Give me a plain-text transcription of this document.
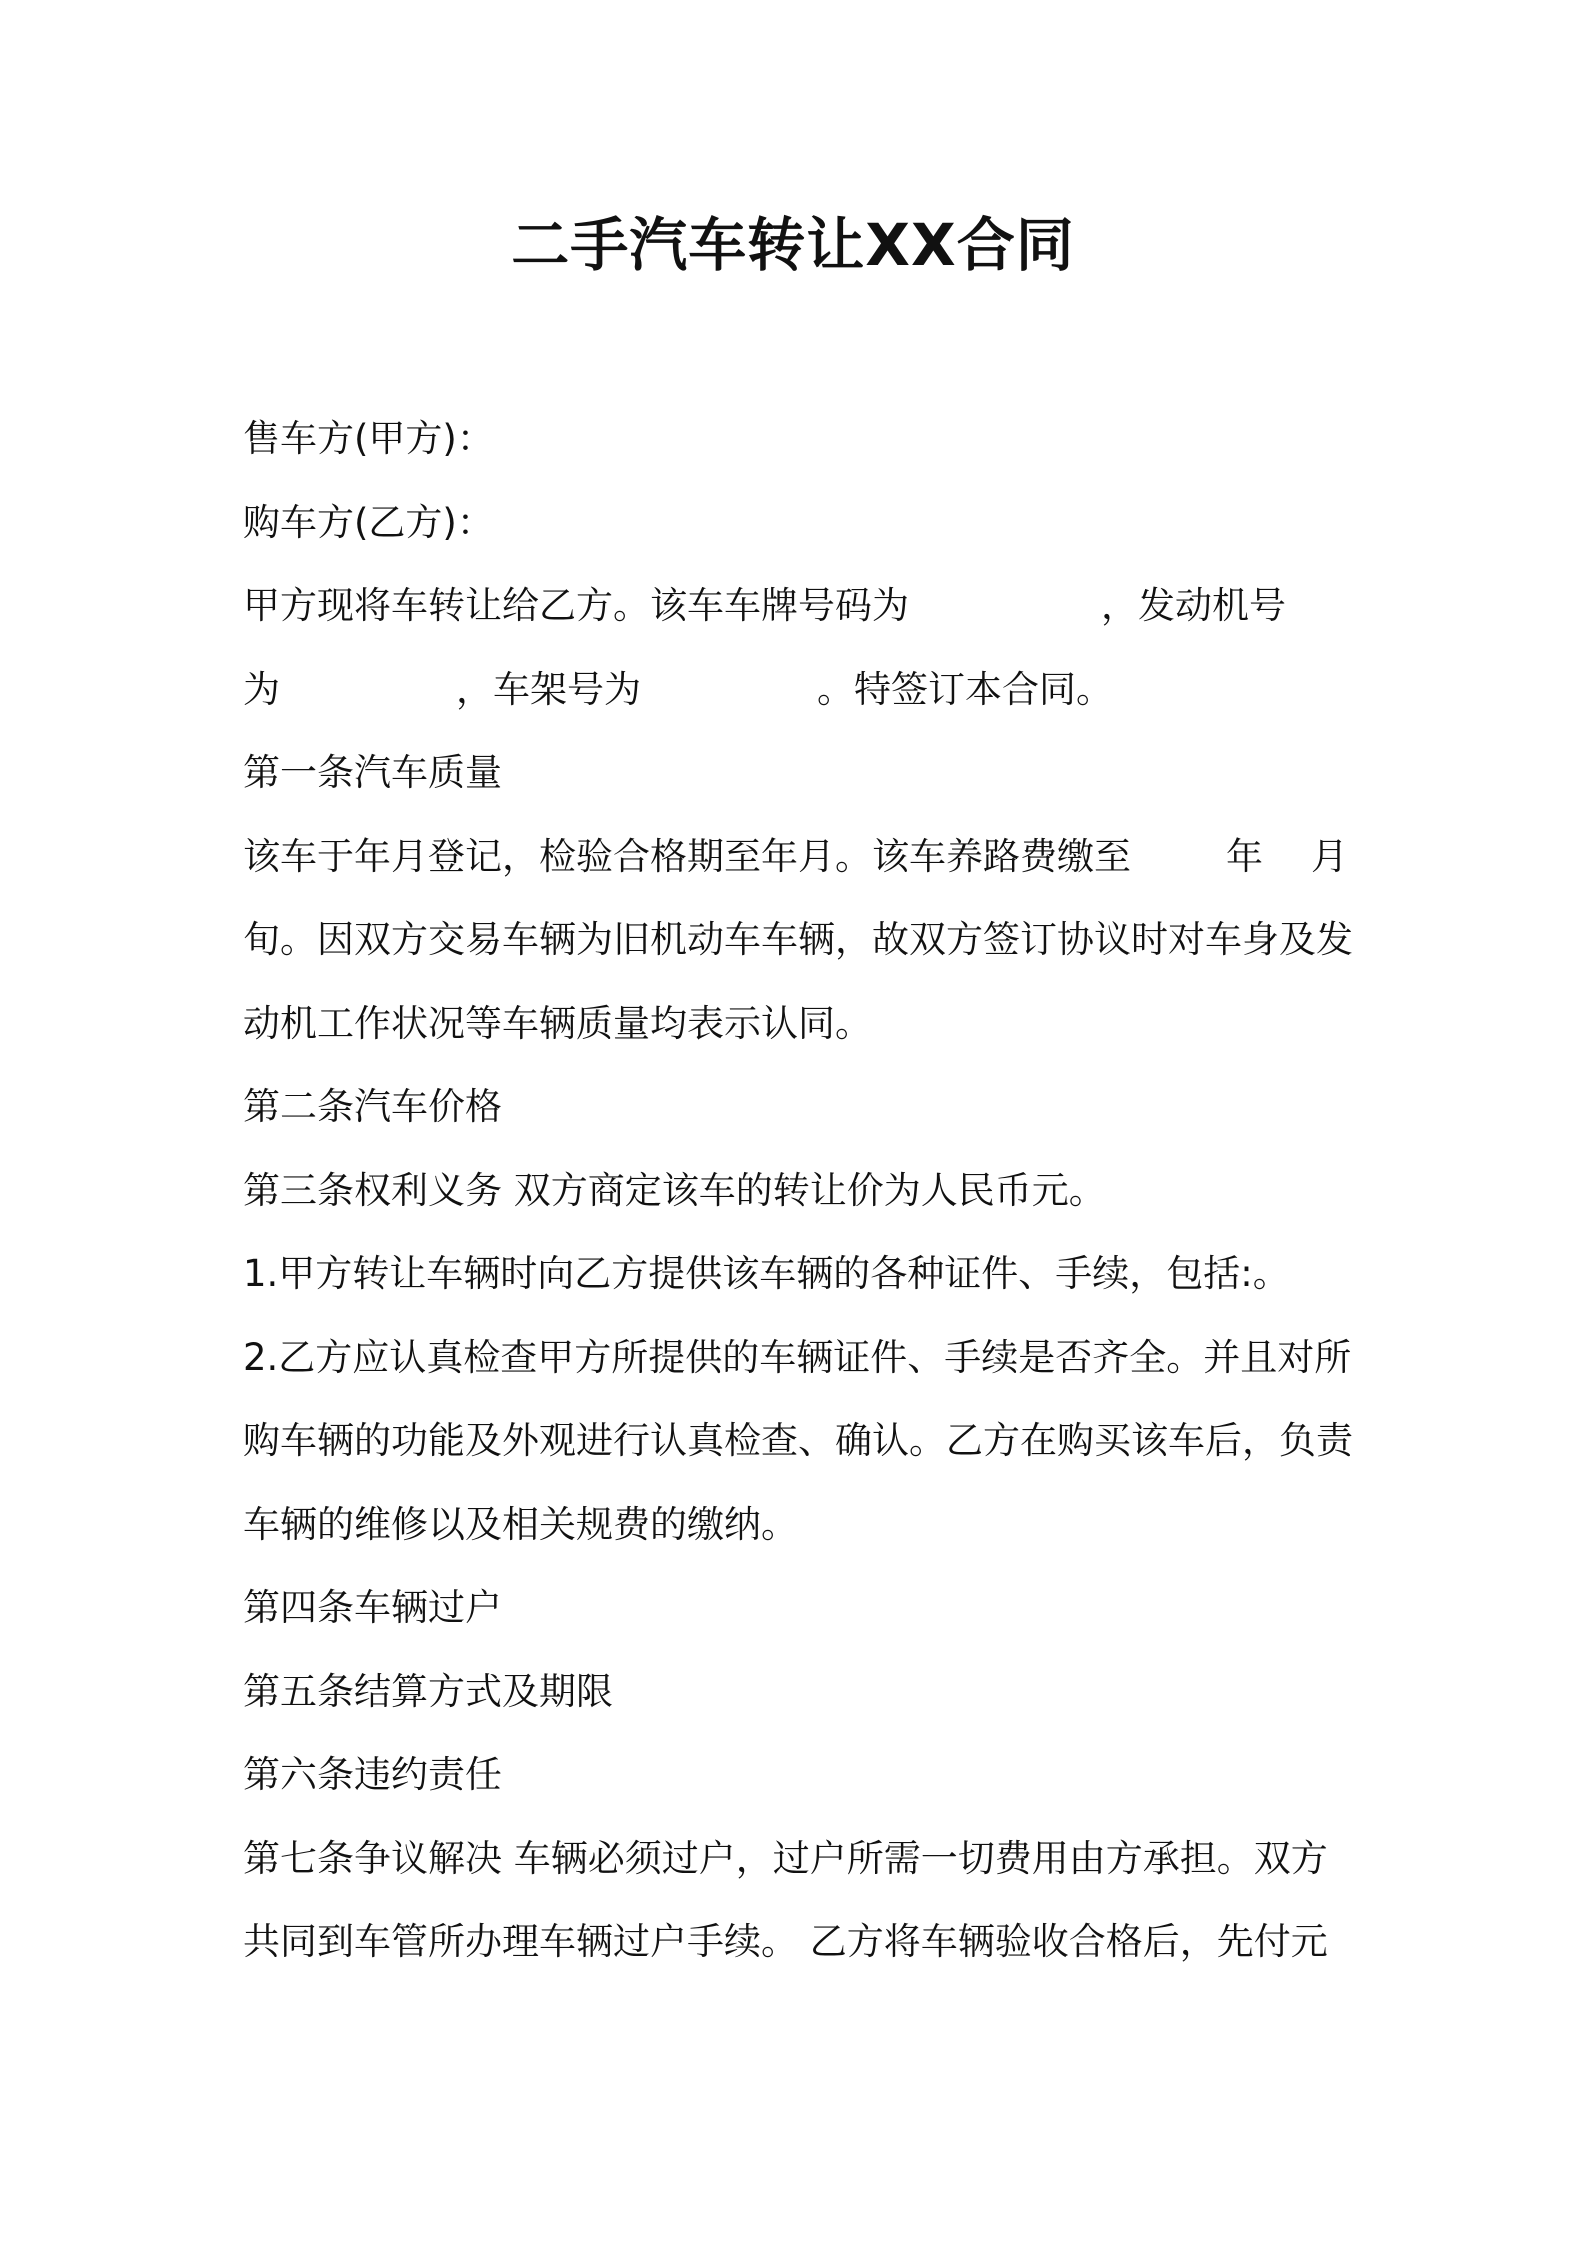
二手汽车转让XX合同

售车方(甲方)：

购车方(乙方)：

甲方现将车转让给乙方。该车车牌号码为	，发动机号

为	，车架号为	。特签订本合同。

第一条汽车质量

该车于年月登记，检验合格期至年月。该车养路费缴至	年 月

旬。因双方交易车辆为旧机动车车辆，故双方签订协议时对车身及发

动机工作状况等车辆质量均表示认同。

第二条汽车价格

第三条权利义务 双方商定该车的转让价为人民币元。

1.甲方转让车辆时向乙方提供该车辆的各种证件、手续，包括:。

2.乙方应认真检查甲方所提供的车辆证件、手续是否齐全。并且对所

购车辆的功能及外观进行认真检查、确认。乙方在购买该车后，负责

车辆的维修以及相关规费的缴纳。

第四条车辆过户

第五条结算方式及期限

第六条违约责任

第七条争议解决 车辆必须过户，过户所需一切费用由方承担。双方

共同到车管所办理车辆过户手续。 乙方将车辆验收合格后，先付元
